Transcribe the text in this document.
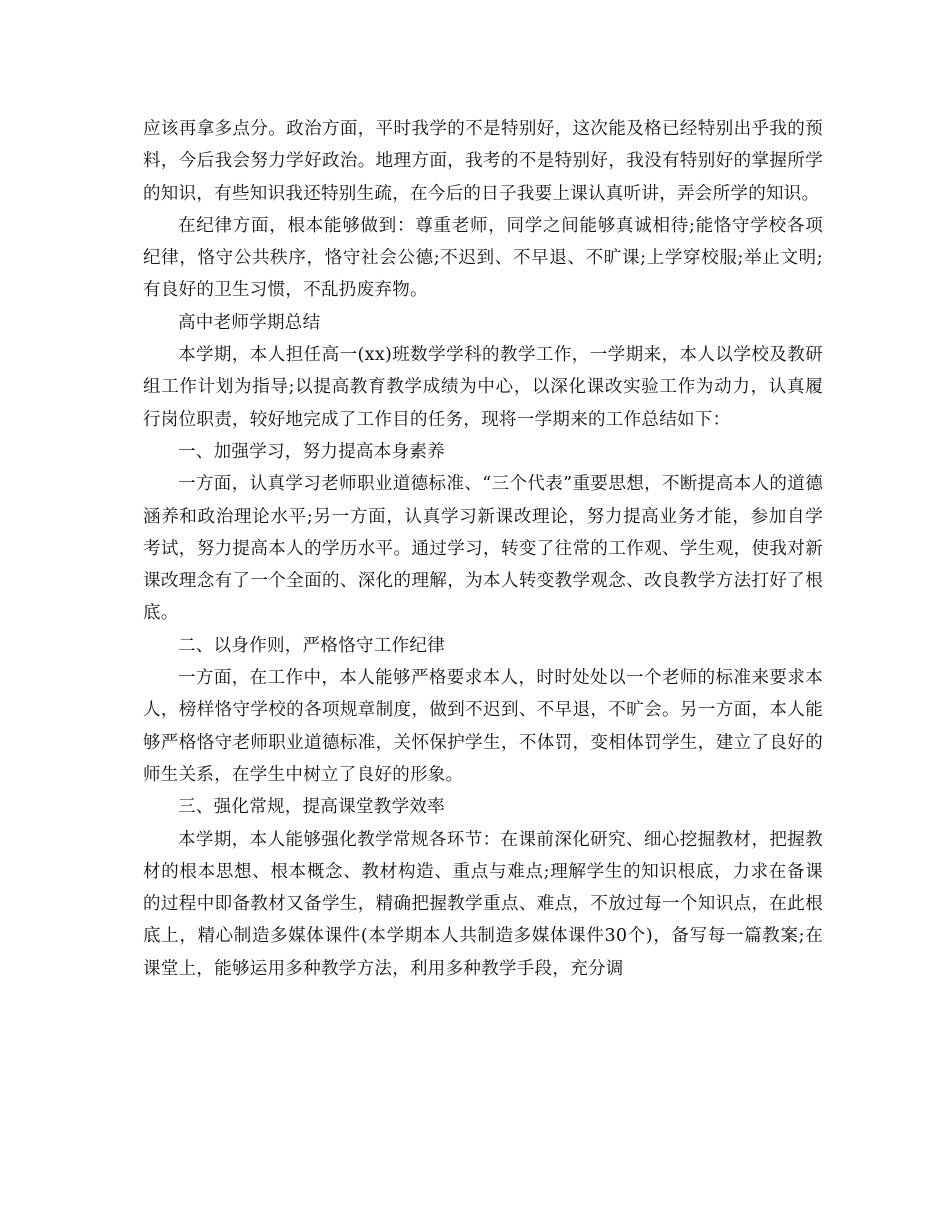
应该再拿多点分。政治方面，平时我学的不是特别好，这次能及格已经特别出乎我的预料，今后我会努力学好政治。地理方面，我考的不是特别好，我没有特别好的掌握所学的知识，有些知识我还特别生疏，在今后的日子我要上课认真听讲，弄会所学的知识。

在纪律方面，根本能够做到：尊重老师，同学之间能够真诚相待;能恪守学校各项纪律，恪守公共秩序，恪守社会公德;不迟到、不早退、不旷课;上学穿校服;举止文明;有良好的卫生习惯，不乱扔废弃物。

高中老师学期总结

本学期，本人担任高一(xx)班数学学科的教学工作，一学期来，本人以学校及教研组工作计划为指导;以提高教育教学成绩为中心，以深化课改实验工作为动力，认真履行岗位职责，较好地完成了工作目的任务，现将一学期来的工作总结如下：

一、加强学习，努力提高本身素养

一方面，认真学习老师职业道德标准、“三个代表”重要思想，不断提高本人的道德涵养和政治理论水平;另一方面，认真学习新课改理论，努力提高业务才能，参加自学考试，努力提高本人的学历水平。通过学习，转变了往常的工作观、学生观，使我对新课改理念有了一个全面的、深化的理解，为本人转变教学观念、改良教学方法打好了根底。

二、以身作则，严格恪守工作纪律

一方面，在工作中，本人能够严格要求本人，时时处处以一个老师的标准来要求本人，榜样恪守学校的各项规章制度，做到不迟到、不早退，不旷会。另一方面，本人能够严格恪守老师职业道德标准，关怀保护学生，不体罚，变相体罚学生，建立了良好的师生关系，在学生中树立了良好的形象。

三、强化常规，提高课堂教学效率

本学期，本人能够强化教学常规各环节：在课前深化研究、细心挖掘教材，把握教材的根本思想、根本概念、教材构造、重点与难点;理解学生的知识根底，力求在备课的过程中即备教材又备学生，精确把握教学重点、难点，不放过每一个知识点，在此根底上，精心制造多媒体课件(本学期本人共制造多媒体课件30个)，备写每一篇教案;在课堂上，能够运用多种教学方法，利用多种教学手段，充分调
